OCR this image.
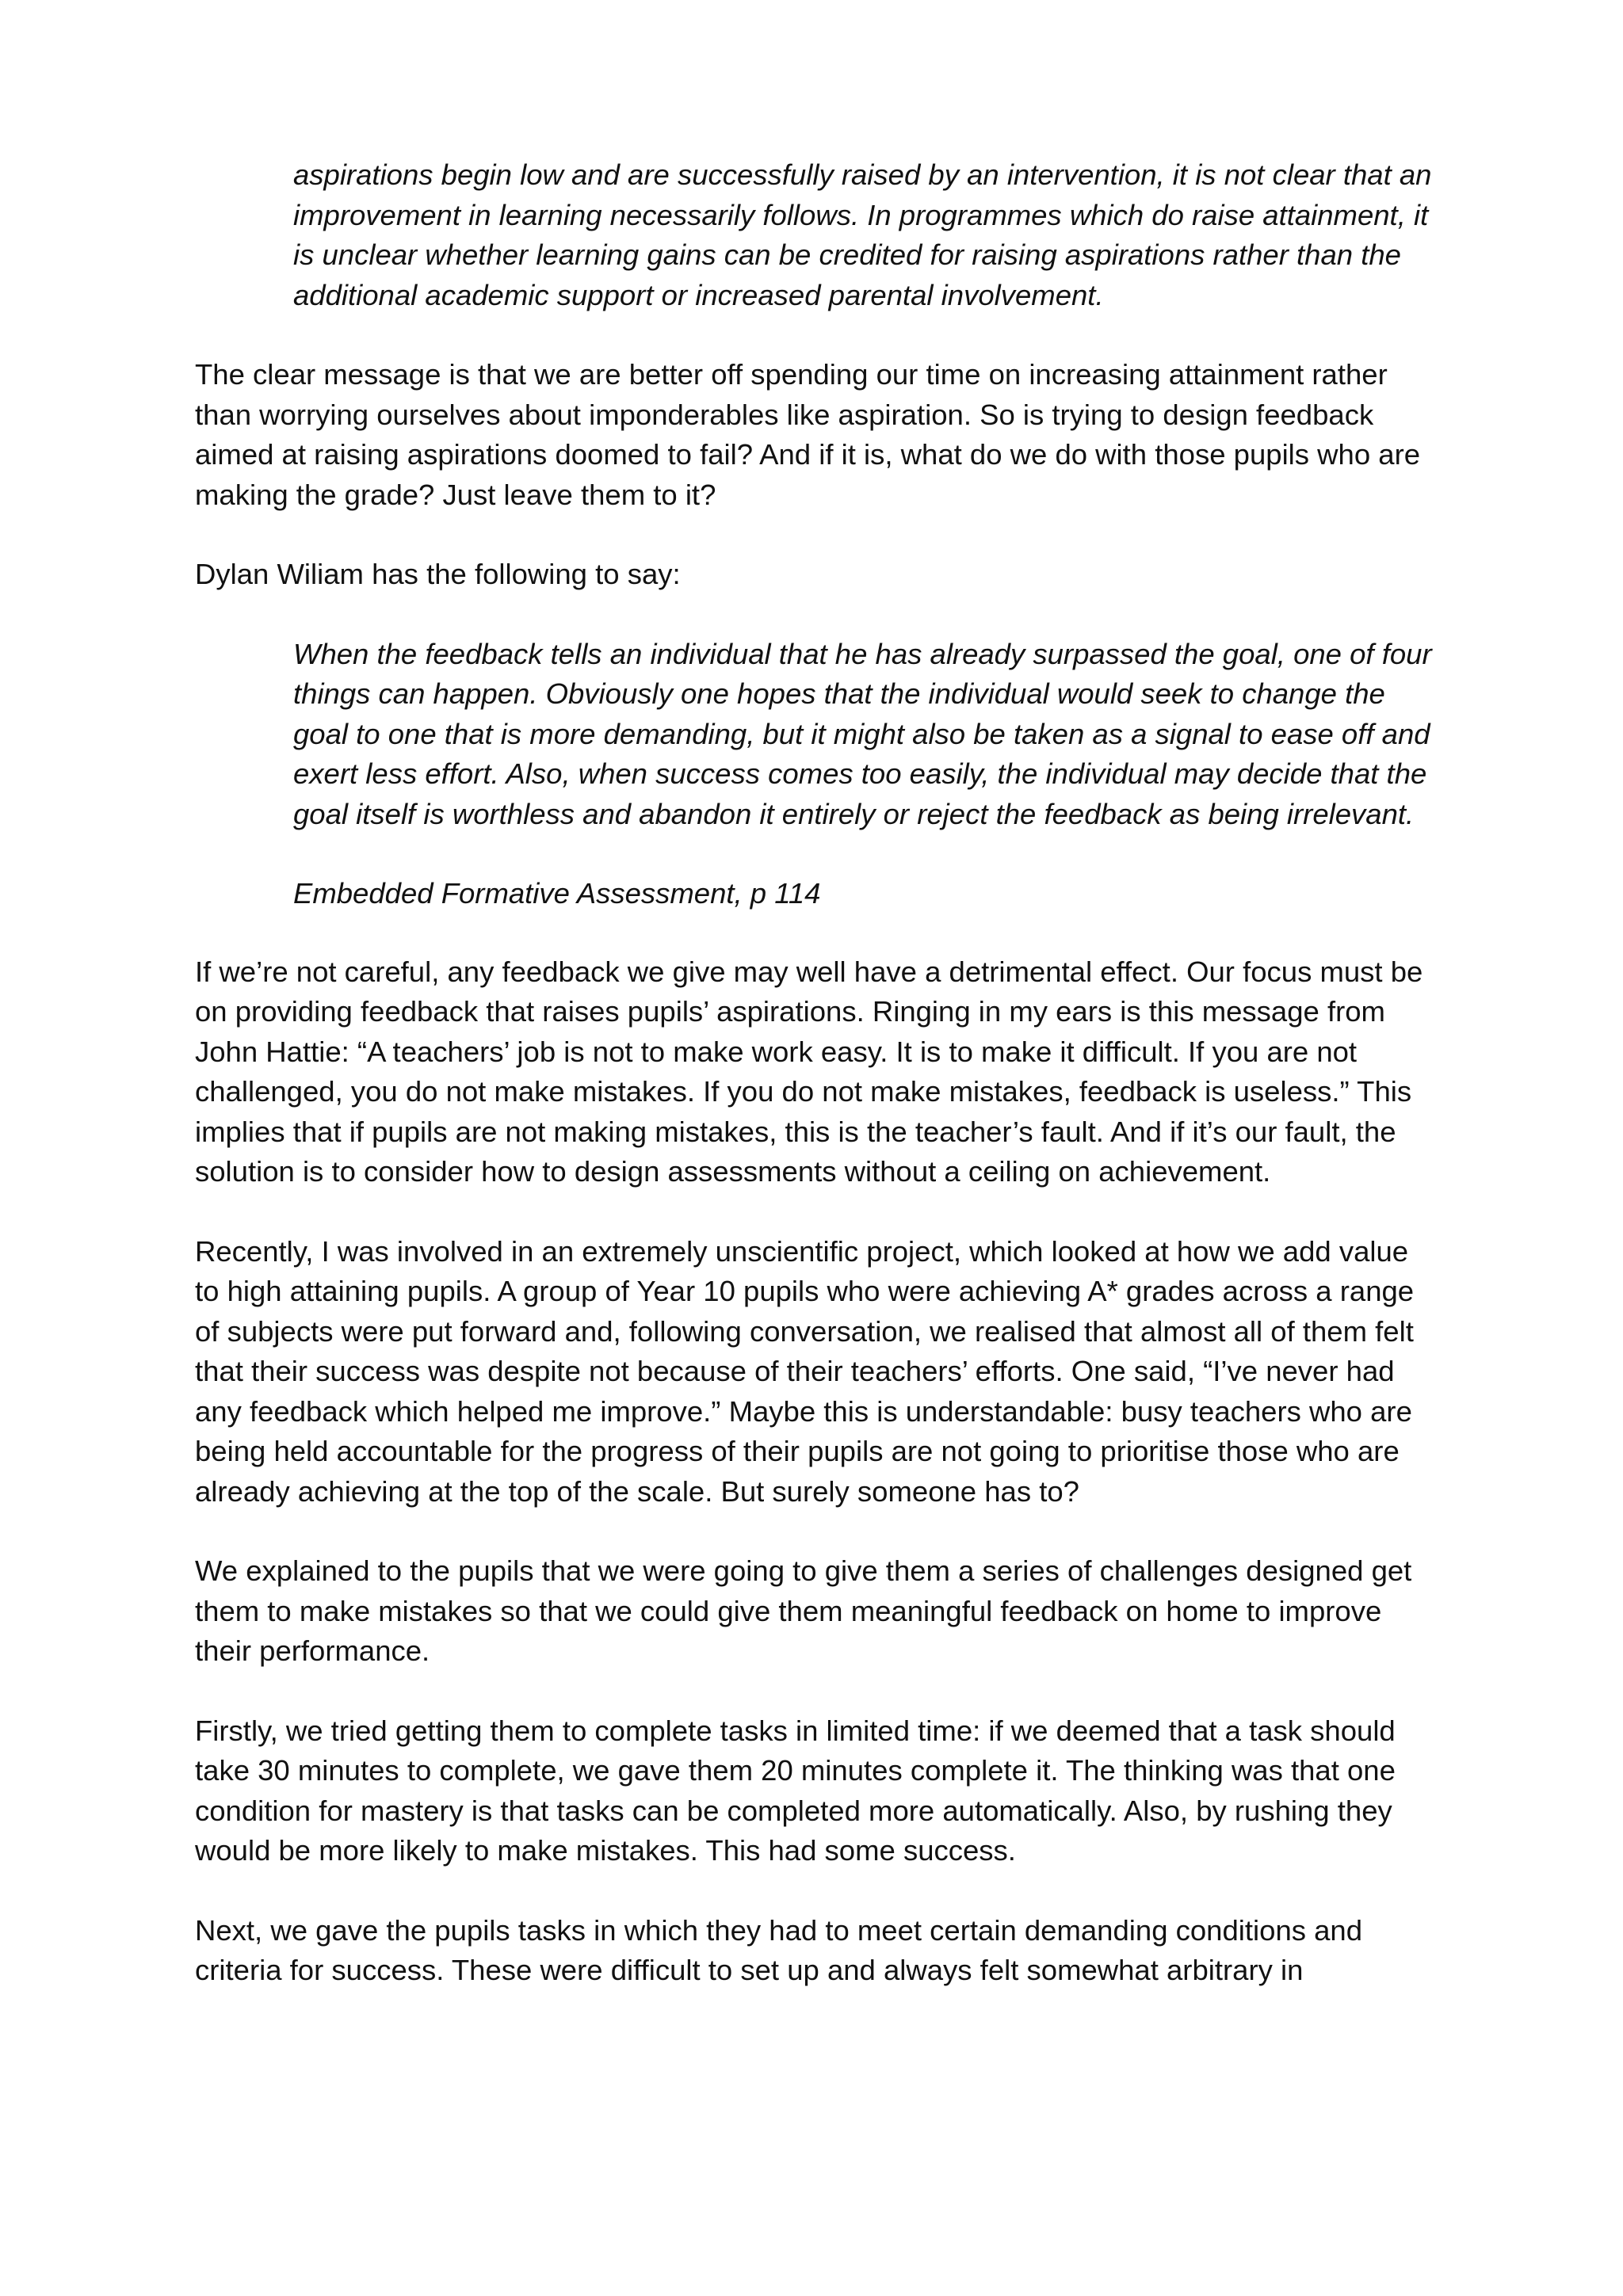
aspirations begin low and are successfully raised by an intervention, it is not clear that an improvement in learning necessarily follows. In programmes which do raise attainment, it is unclear whether learning gains can be credited for raising aspirations rather than the additional academic support or increased parental involvement.

The clear message is that we are better off spending our time on increasing attainment rather than worrying ourselves about imponderables like aspiration. So is trying to design feedback aimed at raising aspirations doomed to fail? And if it is, what do we do with those pupils who are making the grade? Just leave them to it?

Dylan Wiliam has the following to say:

When the feedback tells an individual that he has already surpassed the goal, one of four things can happen. Obviously one hopes that the individual would seek to change the goal to one that is more demanding, but it might also be taken as a signal to ease off and exert less effort. Also, when success comes too easily, the individual may decide that the goal itself is worthless and abandon it entirely or reject the feedback as being irrelevant.

Embedded Formative Assessment, p 114

If we’re not careful, any feedback we give may well have a detrimental effect. Our focus must be on providing feedback that raises pupils’ aspirations. Ringing in my ears is this message from John Hattie: “A teachers’ job is not to make work easy. It is to make it difficult. If you are not challenged, you do not make mistakes. If you do not make mistakes, feedback is useless.” This implies that if pupils are not making mistakes, this is the teacher’s fault. And if it’s our fault, the solution is to consider how to design assessments without a ceiling on achievement.

Recently, I was involved in an extremely unscientific project, which looked at how we add value to high attaining pupils. A group of Year 10 pupils who were achieving A* grades across a range of subjects were put forward and, following conversation, we realised that almost all of them felt that their success was despite not because of their teachers’ efforts. One said, “I’ve never had any feedback which helped me improve.” Maybe this is understandable: busy teachers who are being held accountable for the progress of their pupils are not going to prioritise those who are already achieving at the top of the scale. But surely someone has to?

We explained to the pupils that we were going to give them a series of challenges designed get them to make mistakes so that we could give them meaningful feedback on home to improve their performance.

Firstly, we tried getting them to complete tasks in limited time: if we deemed that a task should take 30 minutes to complete, we gave them 20 minutes complete it. The thinking was that one condition for mastery is that tasks can be completed more automatically. Also, by rushing they would be more likely to make mistakes. This had some success.

Next, we gave the pupils tasks in which they had to meet certain demanding conditions and criteria for success. These were difficult to set up and always felt somewhat arbitrary in
